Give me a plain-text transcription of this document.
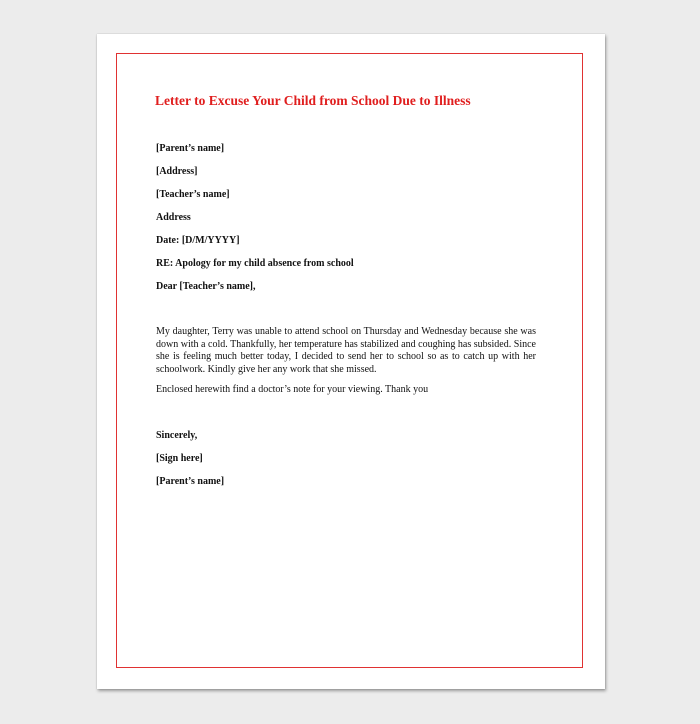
Letter to Excuse Your Child from School Due to Illness

[Parent’s name]

[Address]

[Teacher’s name]

Address

Date: [D/M/YYYY]

RE: Apology for my child absence from school

Dear [Teacher’s name],

My daughter, Terry was unable to attend school on Thursday and Wednesday because she was down with a cold. Thankfully, her temperature has stabilized and coughing has subsided. Since she is feeling much better today, I decided to send her to school so as to catch up with her schoolwork. Kindly give her any work that she missed.

Enclosed herewith find a doctor’s note for your viewing. Thank you

Sincerely,

[Sign here]

[Parent’s name]
